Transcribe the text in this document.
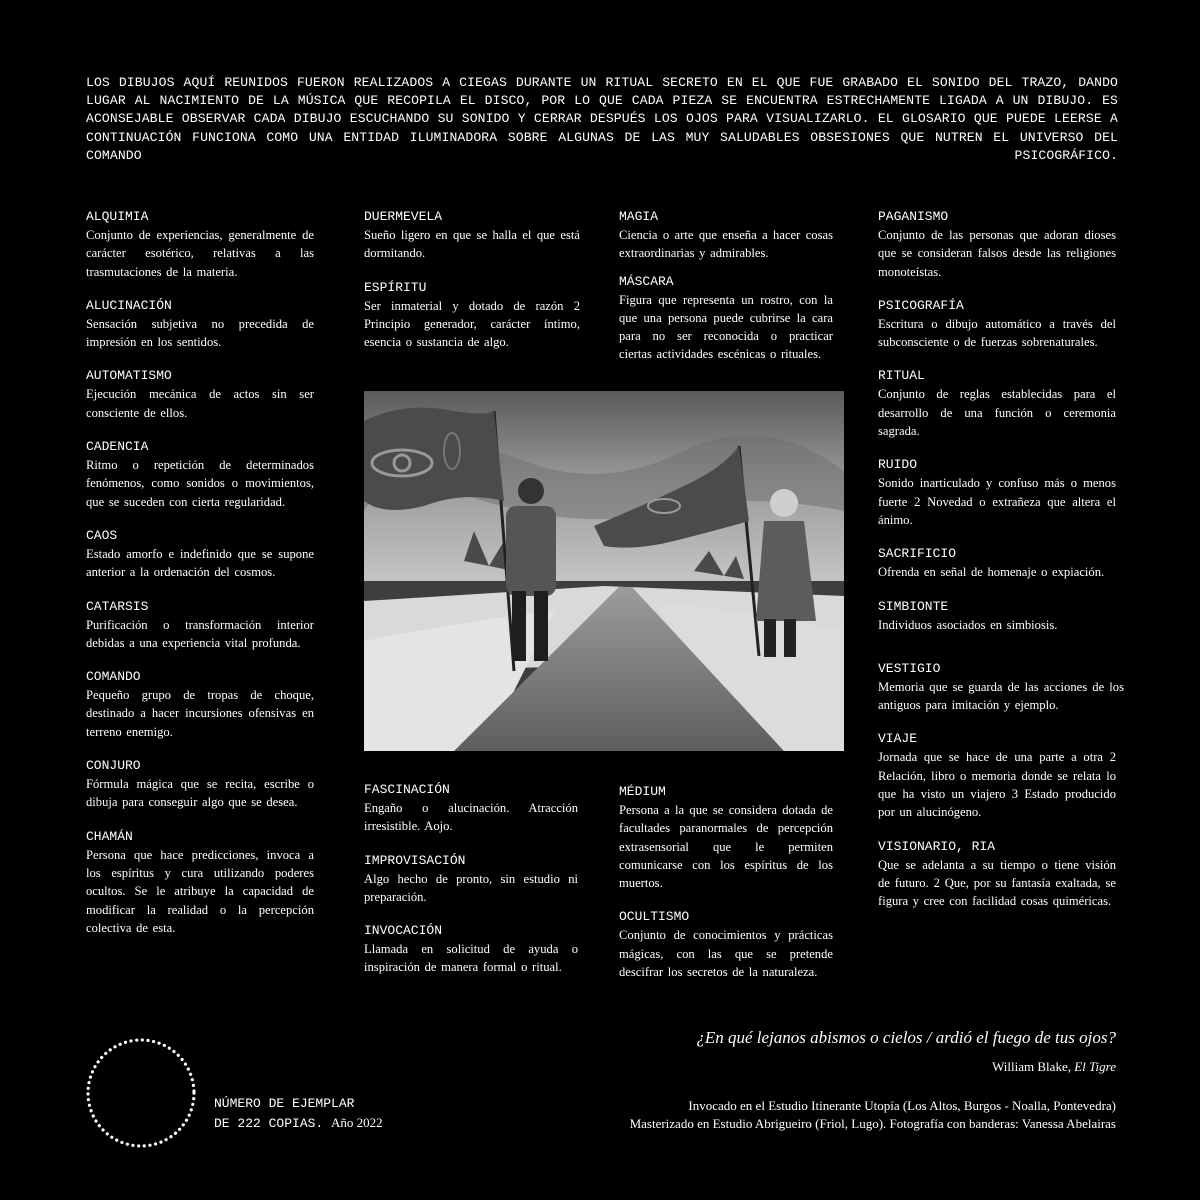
LOS DIBUJOS AQUÍ REUNIDOS FUERON REALIZADOS A CIEGAS DURANTE UN RITUAL SECRETO EN EL QUE FUE GRABADO EL SONIDO DEL TRAZO, DANDO LUGAR AL NACIMIENTO DE LA MÚSICA QUE RECOPILA EL DISCO, POR LO QUE CADA PIEZA SE ENCUENTRA ESTRECHAMENTE LIGADA A UN DIBUJO. ES ACONSEJABLE OBSERVAR CADA DIBUJO ESCUCHANDO SU SONIDO Y CERRAR DESPUÉS LOS OJOS PARA VISUALIZARLO. EL GLOSARIO QUE PUEDE LEERSE A CONTINUACIÓN FUNCIONA COMO UNA ENTIDAD ILUMINADORA SOBRE ALGUNAS DE LAS MUY SALUDABLES OBSESIONES QUE NUTREN EL UNIVERSO DEL COMANDO PSICOGRÁFICO.

ALQUIMIA
Conjunto de experiencias, generalmente de carácter esotérico, relativas a las trasmutaciones de la materia.
ALUCINACIÓN
Sensación subjetiva no precedida de impresión en los sentidos.
AUTOMATISMO
Ejecución mecánica de actos sin ser consciente de ellos.
CADENCIA
Ritmo o repetición de determinados fenómenos, como sonidos o movimientos, que se suceden con cierta regularidad.
CAOS
Estado amorfo e indefinido que se supone anterior a la ordenación del cosmos.
CATARSIS
Purificación o transformación interior debidas a una experiencia vital profunda.
COMANDO
Pequeño grupo de tropas de choque, destinado a hacer incursiones ofensivas en terreno enemigo.
CONJURO
Fórmula mágica que se recita, escribe o dibuja para conseguir algo que se desea.
CHAMÁN
Persona que hace predicciones, invoca a los espíritus y cura utilizando poderes ocultos. Se le atribuye la capacidad de modificar la realidad o la percepción colectiva de esta.
DUERMEVELA
Sueño ligero en que se halla el que está dormitando.
ESPÍRITU
Ser inmaterial y dotado de razón 2 Principio generador, carácter íntimo, esencia o sustancia de algo.
MAGIA
Ciencia o arte que enseña a hacer cosas extraordinarias y admirables.
MÁSCARA
Figura que representa un rostro, con la que una persona puede cubrirse la cara para no ser reconocida o practicar ciertas actividades escénicas o rituales.
FASCINACIÓN
Engaño o alucinación. Atracción irresistible. Aojo.
IMPROVISACIÓN
Algo hecho de pronto, sin estudio ni preparación.
INVOCACIÓN
Llamada en solicitud de ayuda o inspiración de manera formal o ritual.
MÉDIUM
Persona a la que se considera dotada de facultades paranormales de percepción extrasensorial que le permiten comunicarse con los espíritus de los muertos.
OCULTISMO
Conjunto de conocimientos y prácticas mágicas, con las que se pretende descifrar los secretos de la naturaleza.
PAGANISMO
Conjunto de las personas que adoran dioses que se consideran falsos desde las religiones monoteístas.
PSICOGRAFÍA
Escritura o dibujo automático a través del subconsciente o de fuerzas sobrenaturales.
RITUAL
Conjunto de reglas establecidas para el desarrollo de una función o ceremonia sagrada.
RUIDO
Sonido inarticulado y confuso más o menos fuerte 2 Novedad o extrañeza que altera el ánimo.
SACRIFICIO
Ofrenda en señal de homenaje o expiación.
SIMBIONTE
Individuos asociados en simbiosis.
VESTIGIO
Memoria que se guarda de las acciones de los antiguos para imitación y ejemplo.
VIAJE
Jornada que se hace de una parte a otra 2 Relación, libro o memoria donde se relata lo que ha visto un viajero 3 Estado producido por un alucinógeno.
VISIONARIO, RIA
Que se adelanta a su tiempo o tiene visión de futuro. 2 Que, por su fantasía exaltada, se figura y cree con facilidad cosas quiméricas.
NÚMERO DE EJEMPLAR
DE 222 COPIAS. Año 2022
¿En qué lejanos abismos o cielos / ardió el fuego de tus ojos?
William Blake, El Tigre
Invocado en el Estudio Itinerante Utopía (Los Altos, Burgos - Noalla, Pontevedra)
Masterizado en Estudio Abrigueiro (Friol, Lugo). Fotografía con banderas: Vanessa Abelairas
